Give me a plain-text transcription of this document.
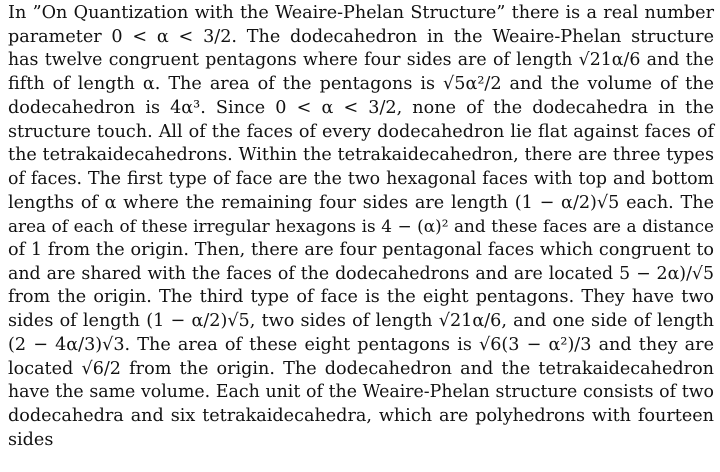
In ”On Quantization with the Weaire-Phelan Structure” there is a real number
parameter 0 < α < 3/2. The dodecahedron in the Weaire-Phelan structure
has twelve congruent pentagons where four sides are of length √21α/6 and the
fifth of length α. The area of the pentagons is √5α²/2 and the volume of the
dodecahedron is 4α³. Since 0 < α < 3/2, none of the dodecahedra in the
structure touch. All of the faces of every dodecahedron lie flat against faces of
the tetrakaidecahedrons. Within the tetrakaidecahedron, there are three types
of faces. The first type of face are the two hexagonal faces with top and bottom
lengths of α where the remaining four sides are length (1 − α/2)√5 each. The
area of each of these irregular hexagons is 4 − (α)² and these faces are a distance
of 1 from the origin. Then, there are four pentagonal faces which congruent to
and are shared with the faces of the dodecahedrons and are located 5 − 2α)/√5
from the origin. The third type of face is the eight pentagons. They have two
sides of length (1 − α/2)√5, two sides of length √21α/6, and one side of length
(2 − 4α/3)√3. The area of these eight pentagons is √6(3 − α²)/3 and they are
located √6/2 from the origin. The dodecahedron and the tetrakaidecahedron
have the same volume. Each unit of the Weaire-Phelan structure consists of two
dodecahedra and six tetrakaidecahedra, which are polyhedrons with fourteen
sides
